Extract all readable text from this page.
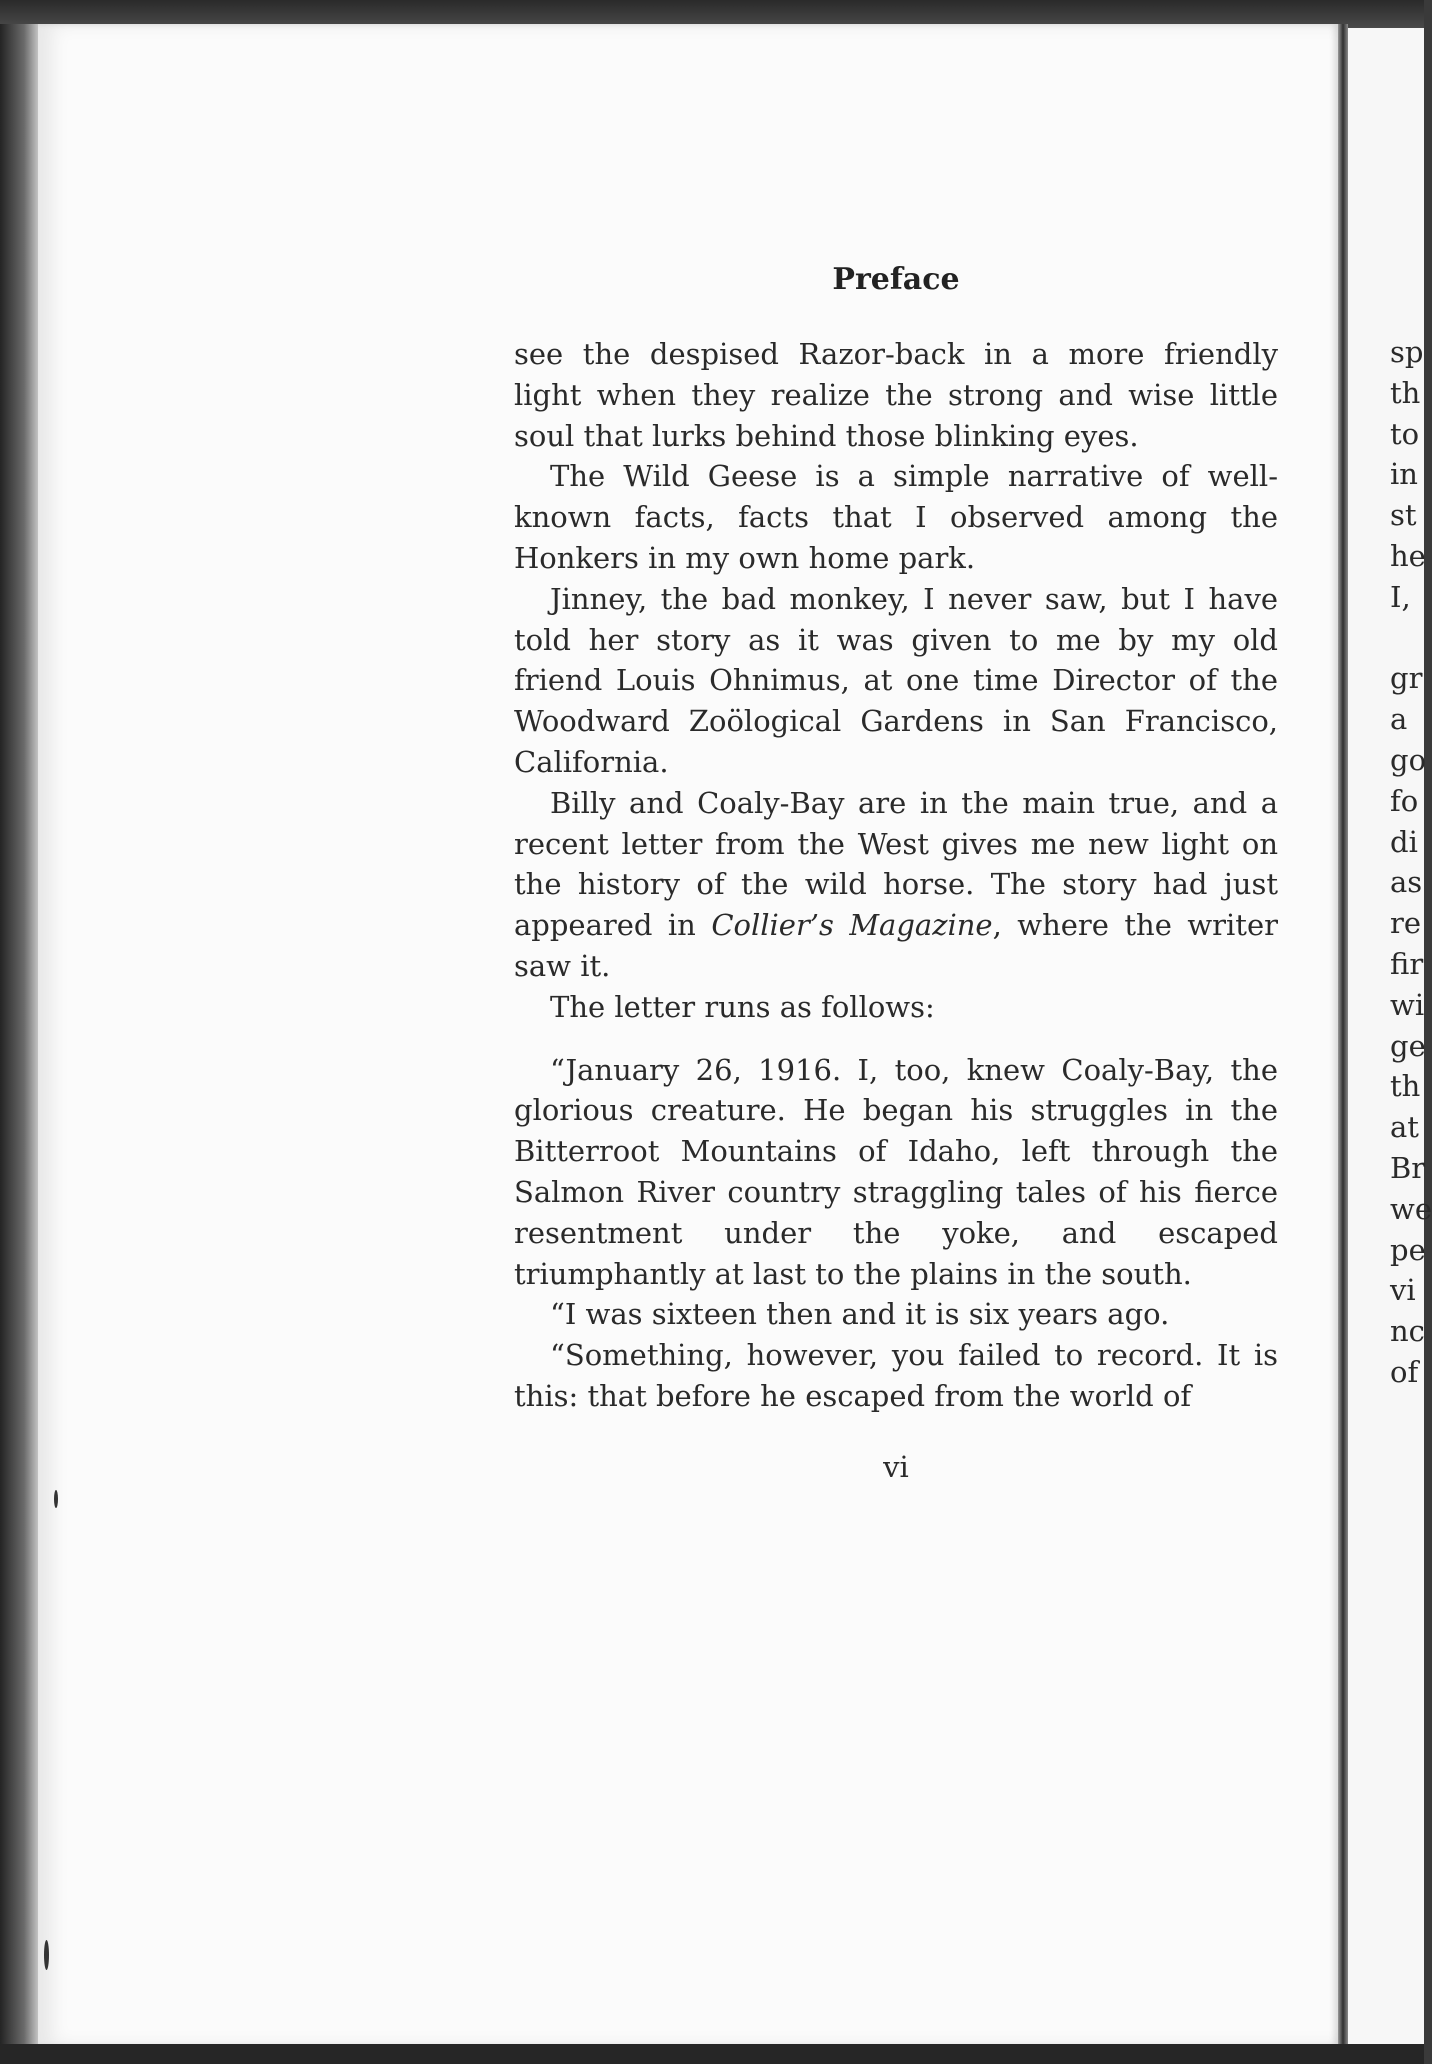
Preface

see the despised Razor-back in a more friendly light when they realize the strong and wise little soul that lurks behind those blinking eyes.

The Wild Geese is a simple narrative of well-known facts, facts that I observed among the Honkers in my own home park.

Jinney, the bad monkey, I never saw, but I have told her story as it was given to me by my old friend Louis Ohnimus, at one time Director of the Woodward Zoölogical Gardens in San Francisco, California.

Billy and Coaly-Bay are in the main true, and a recent letter from the West gives me new light on the history of the wild horse. The story had just appeared in Collier’s Magazine, where the writer saw it.

The letter runs as follows:

“January 26, 1916. I, too, knew Coaly-Bay, the glorious creature. He began his struggles in the Bitterroot Mountains of Idaho, left through the Salmon River country straggling tales of his fierce resentment under the yoke, and escaped triumphantly at last to the plains in the south.

“I was sixteen then and it is six years ago.

“Something, however, you failed to record. It is this: that before he escaped from the world of

vi
sp
th
to
in
st
he
I,
gr
a
go
fo
di
as
re
fir
wi
ge
th
at
Br
we
pe
vi
nc
of
